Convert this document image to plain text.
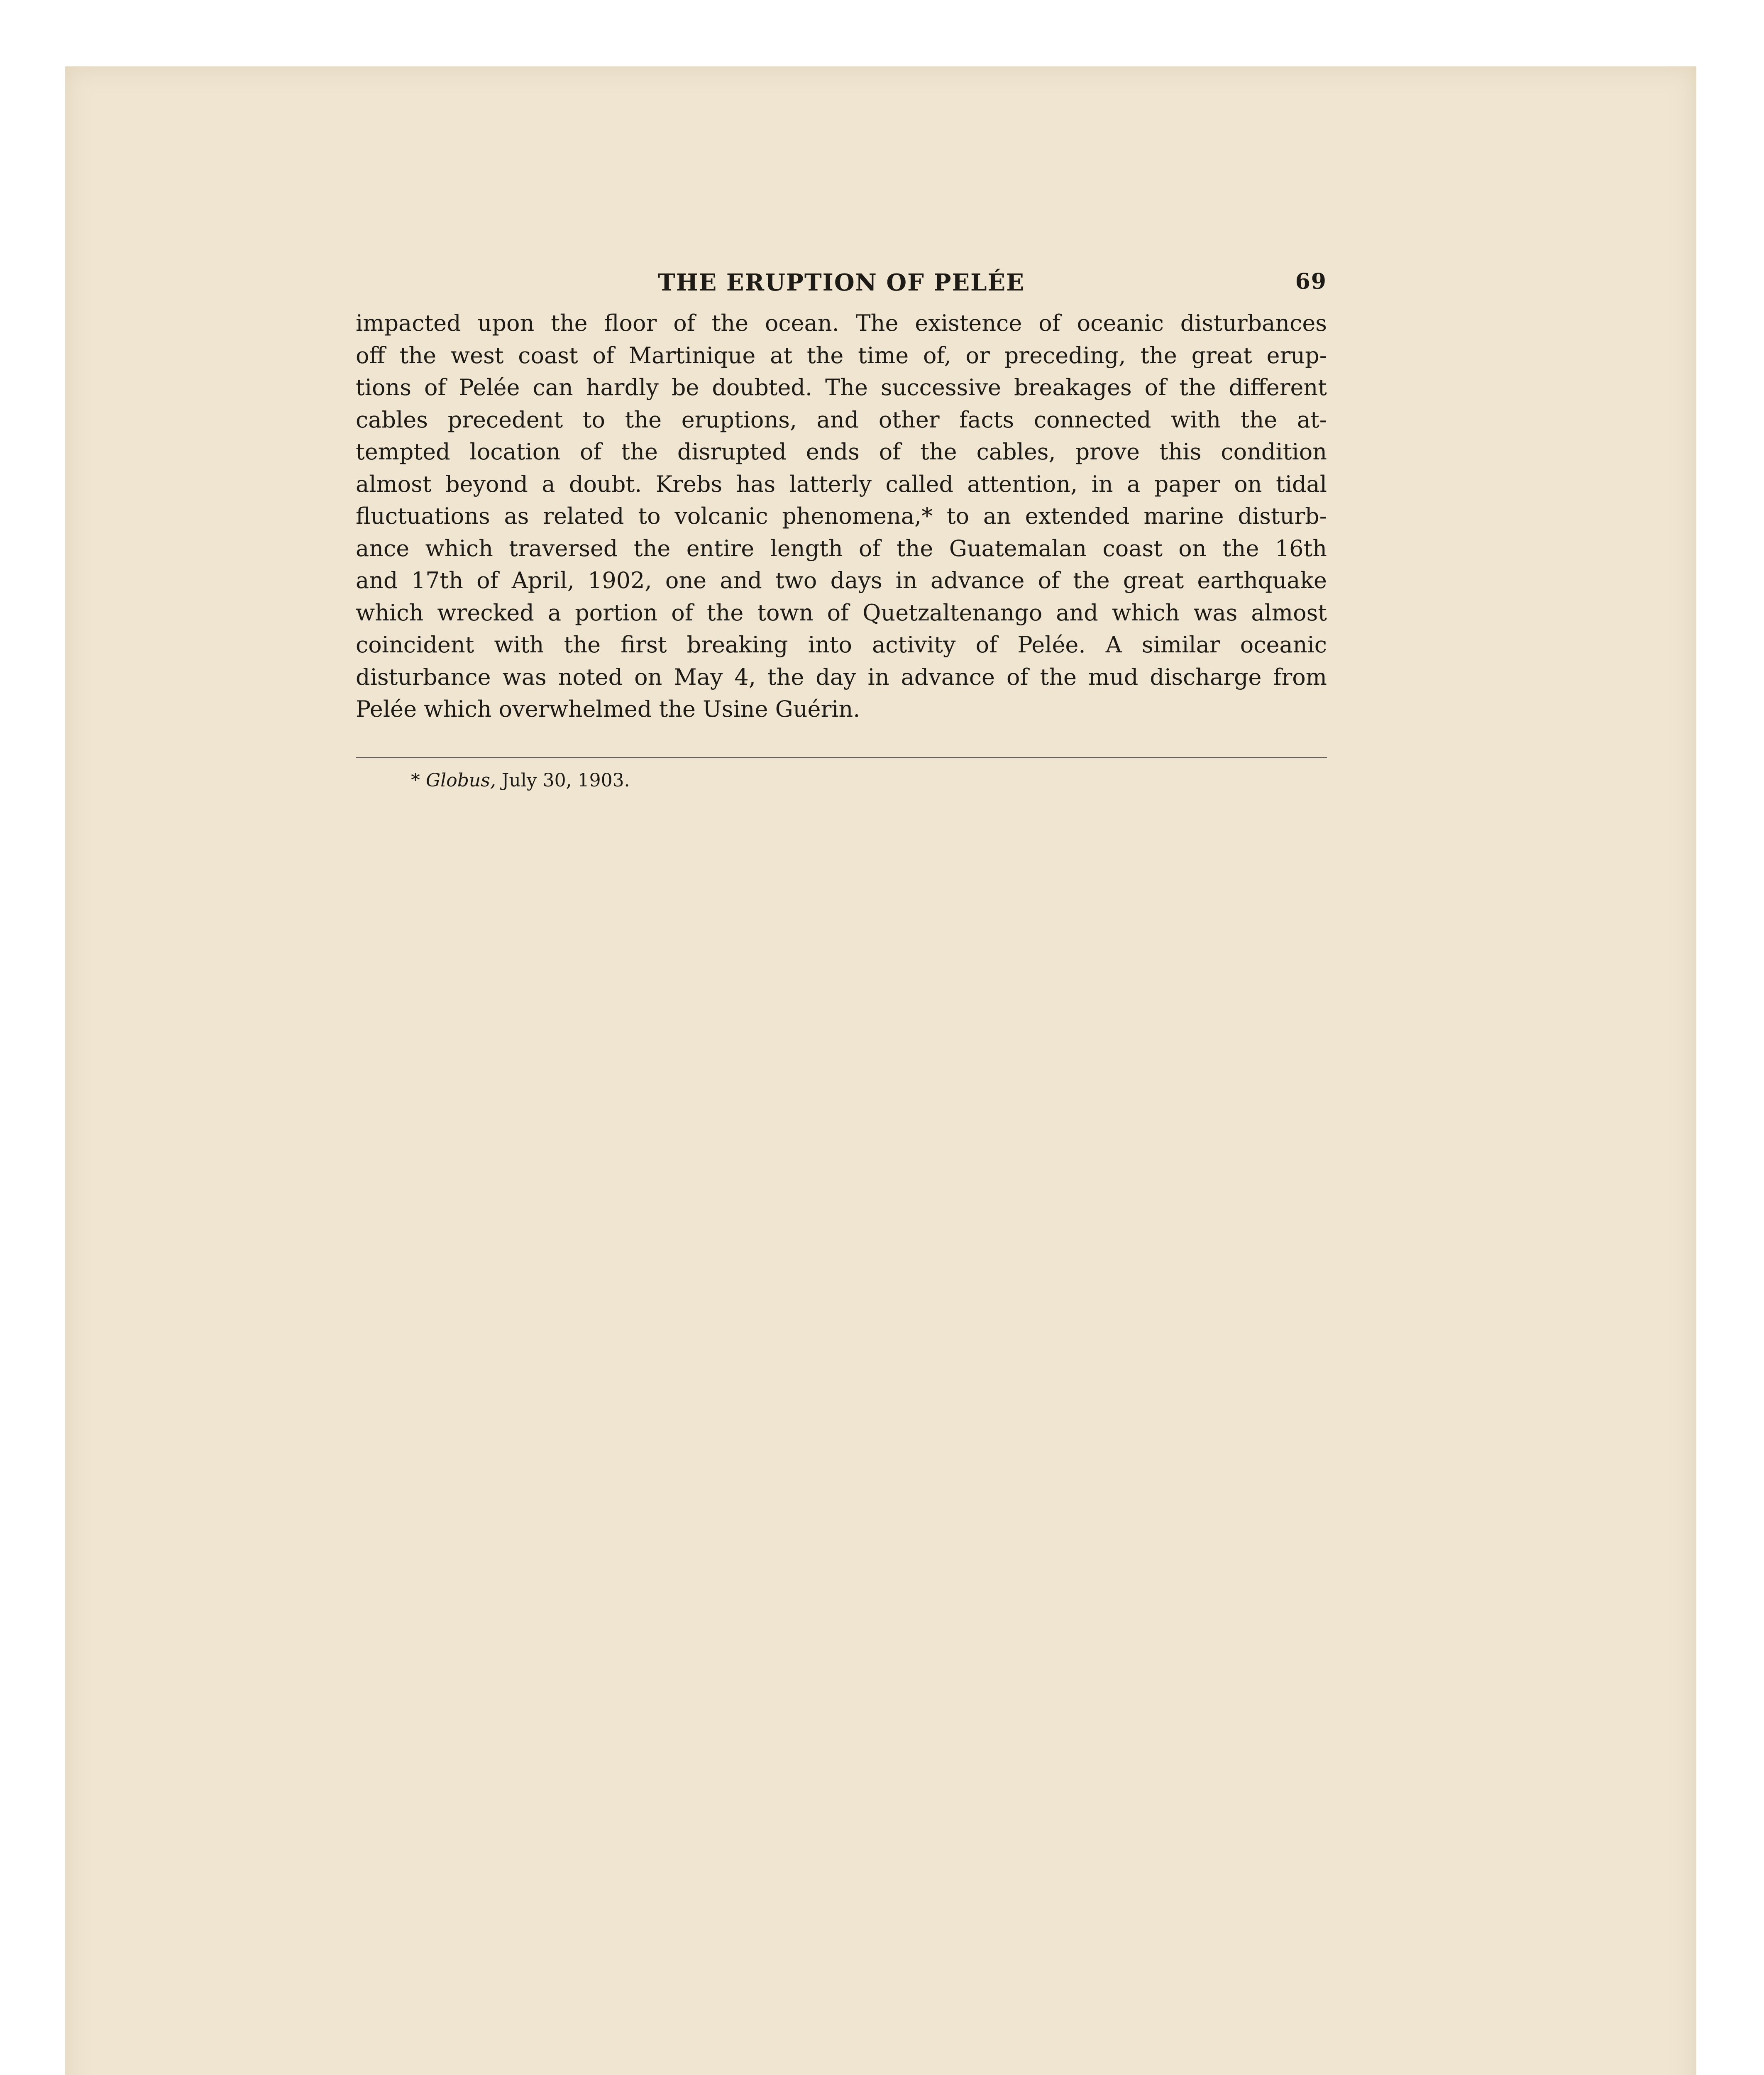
THE ERUPTION OF PELÉE	69

impacted upon the floor of the ocean. The existence of oceanic disturbances
off the west coast of Martinique at the time of, or preceding, the great erup-
tions of Pelée can hardly be doubted. The successive breakages of the different
cables precedent to the eruptions, and other facts connected with the at-
tempted location of the disrupted ends of the cables, prove this condition
almost beyond a doubt. Krebs has latterly called attention, in a paper on tidal
fluctuations as related to volcanic phenomena,* to an extended marine disturb-
ance which traversed the entire length of the Guatemalan coast on the 16th
and 17th of April, 1902, one and two days in advance of the great earthquake
which wrecked a portion of the town of Quetzaltenango and which was almost
coincident with the first breaking into activity of Pelée. A similar oceanic
disturbance was noted on May 4, the day in advance of the mud discharge from
Pelée which overwhelmed the Usine Guérin.

* Globus, July 30, 1903.
